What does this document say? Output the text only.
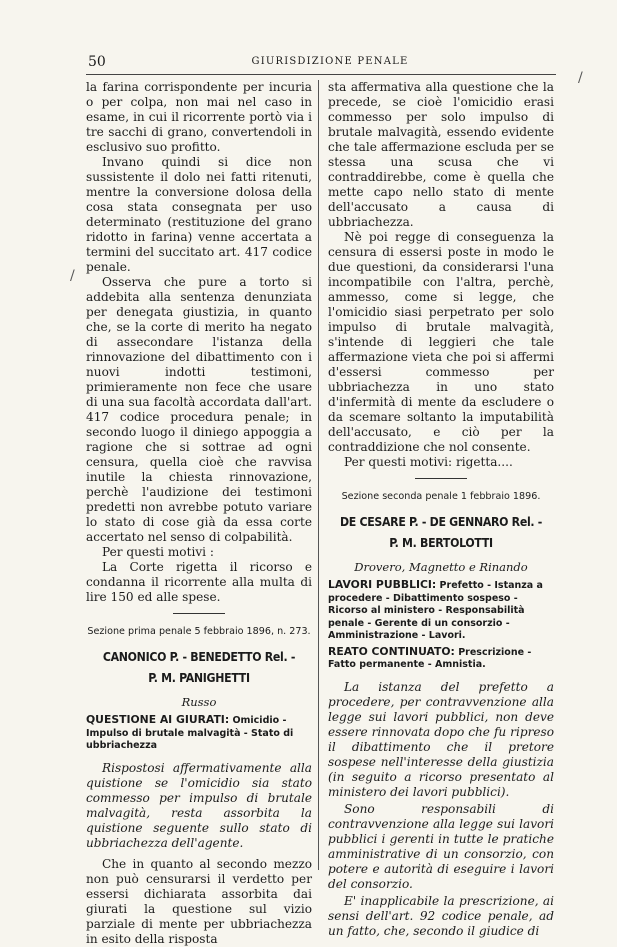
50	GIURISDIZIONE PENALE

la farina corrispondente per incuria o per colpa, non mai nel caso in esame, in cui il ricorrente portò via i tre sacchi di grano, convertendoli in esclusivo suo profitto.

Invano quindi si dice non sussistente il dolo nei fatti ritenuti, mentre la conversione dolosa della cosa stata consegnata per uso determinato (restituzione del grano ridotto in farina) venne accertata a termini del succitato art. 417 codice penale.

Osserva che pure a torto si addebita alla sentenza denunziata per denegata giustizia, in quanto che, se la corte di merito ha negato di assecondare l'istanza della rinnovazione del dibattimento con i nuovi indotti testimoni, primieramente non fece che usare di una sua facoltà accordata dall'art. 417 codice procedura penale; in secondo luogo il diniego appoggia a ragione che si sottrae ad ogni censura, quella cioè che ravvisa inutile la chiesta rinnovazione, perchè l'audizione dei testimoni predetti non avrebbe potuto variare lo stato di cose già da essa corte accertato nel senso di colpabilità.

Per questi motivi :

La Corte rigetta il ricorso e condanna il ricorrente alla multa di lire 150 ed alle spese.

Sezione prima penale 5 febbraio 1896, n. 273.
CANONICO P. - BENEDETTO Rel. -
P. M. PANIGHETTI
Russo
QUESTIONE AI GIURATI: Omicidio - Impulso di brutale malvagità - Stato di ubbriachezza

Rispostosi affermativamente alla quistione se l'omicidio sia stato commesso per impulso di brutale malvagità, resta assorbita la quistione seguente sullo stato di ubbriachezza dell'agente.

Che in quanto al secondo mezzo non può censurarsi il verdetto per essersi dichiarata assorbita dai giurati la questione sul vizio parziale di mente per ubbriachezza in esito della risposta

sta affermativa alla questione che la precede, se cioè l'omicidio erasi commesso per solo impulso di brutale malvagità, essendo evidente che tale affermazione escluda per se stessa una scusa che vi contraddirebbe, come è quella che mette capo nello stato di mente dell'accusato a causa di ubbriachezza.

Nè poi regge di conseguenza la censura di essersi poste in modo le due questioni, da considerarsi l'una incompatibile con l'altra, perchè, ammesso, come si legge, che l'omicidio siasi perpetrato per solo impulso di brutale malvagità, s'intende di leggieri che tale affermazione vieta che poi si affermi d'essersi commesso per ubbriachezza in uno stato d'infermità di mente da escludere o da scemare soltanto la imputabilità dell'accusato, e ciò per la contraddizione che nol consente.

Per questi motivi: rigetta....

Sezione seconda penale 1 febbraio 1896.
DE CESARE P. - DE GENNARO Rel. -
P. M. BERTOLOTTI
Drovero, Magnetto e Rinando
LAVORI PUBBLICI: Prefetto - Istanza a procedere - Dibattimento sospeso - Ricorso al ministero - Responsabilità penale - Gerente di un consorzio - Amministrazione - Lavori.
REATO CONTINUATO: Prescrizione - Fatto permanente - Amnistia.

La istanza del prefetto a procedere, per contravvenzione alla legge sui lavori pubblici, non deve essere rinnovata dopo che fu ripreso il dibattimento che il pretore sospese nell'interesse della giustizia (in seguito a ricorso presentato al ministero dei lavori pubblici).

Sono responsabili di contravvenzione alla legge sui lavori pubblici i gerenti in tutte le pratiche amministrative di un consorzio, con potere e autorità di eseguire i lavori del consorzio.

E' inapplicabile la prescrizione, ai sensi dell'art. 92 codice penale, ad un fatto, che, secondo il giudice di

/
/
